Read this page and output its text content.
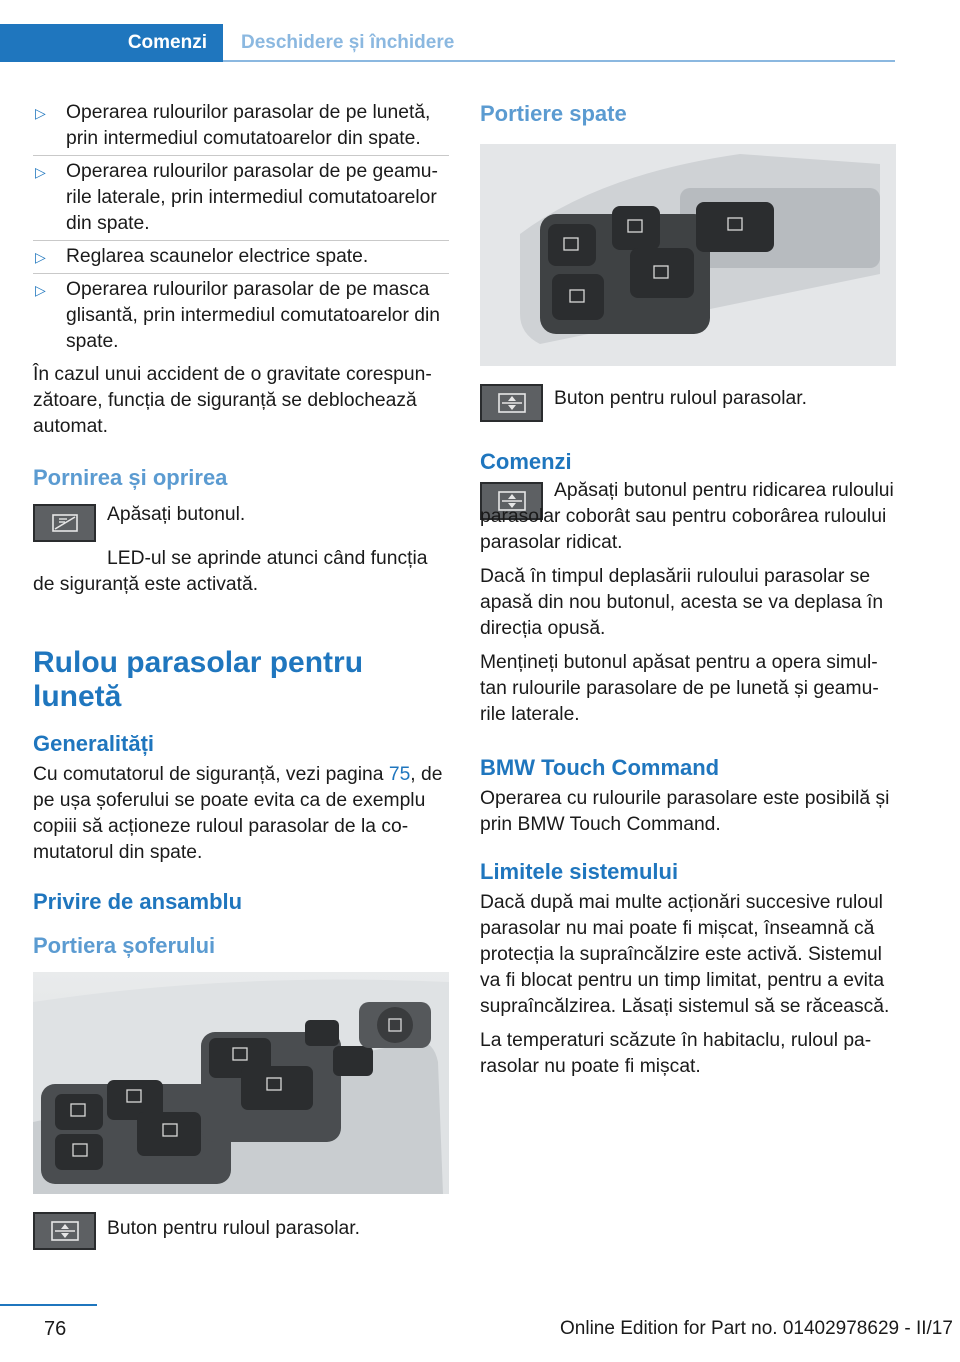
Comenzi	Deschidere și închidere
▷ Operarea rulourilor parasolar de pe lunetă, prin intermediul comutatoarelor din spate.
▷ Operarea rulourilor parasolar de pe geamurile laterale, prin intermediul comutatoarelor din spate.
▷ Reglarea scaunelor electrice spate.
▷ Operarea rulourilor parasolar de pe masca glisantă, prin intermediul comutatoarelor din spate.

În cazul unui accident de o gravitate corespunzătoare, funcția de siguranță se deblochează automat.

Pornirea și oprirea
Apăsați butonul.

LED-ul se aprinde atunci când funcția de siguranță este activată.

Rulou parasolar pentru lunetă
Generalități

Cu comutatorul de siguranță, vezi pagina 75, de pe ușa șoferului se poate evita ca de exemplu copiii să acționeze ruloul parasolar de la comutatorul din spate.

Privire de ansamblu
Portiera șoferului
Buton pentru ruloul parasolar.
Portiere spate
Buton pentru ruloul parasolar.
Comenzi

Apăsați butonul pentru ridicarea ruloului parasolar coborât sau pentru coborârea ruloului parasolar ridicat.

Dacă în timpul deplasării ruloului parasolar se apasă din nou butonul, acesta se va deplasa în direcția opusă.

Mențineți butonul apăsat pentru a opera simultan rulourile parasolare de pe lunetă și geamurile laterale.

BMW Touch Command

Operarea cu rulourile parasolare este posibilă și prin BMW Touch Command.

Limitele sistemului

Dacă după mai multe acționări succesive ruloul parasolar nu mai poate fi mișcat, înseamnă că protecția la supraîncălzire este activă. Sistemul va fi blocat pentru un timp limitat, pentru a evita supraîncălzirea. Lăsați sistemul să se răcească.

La temperaturi scăzute în habitaclu, ruloul parasolar nu poate fi mișcat.

76	Online Edition for Part no. 01402978629 - II/17
